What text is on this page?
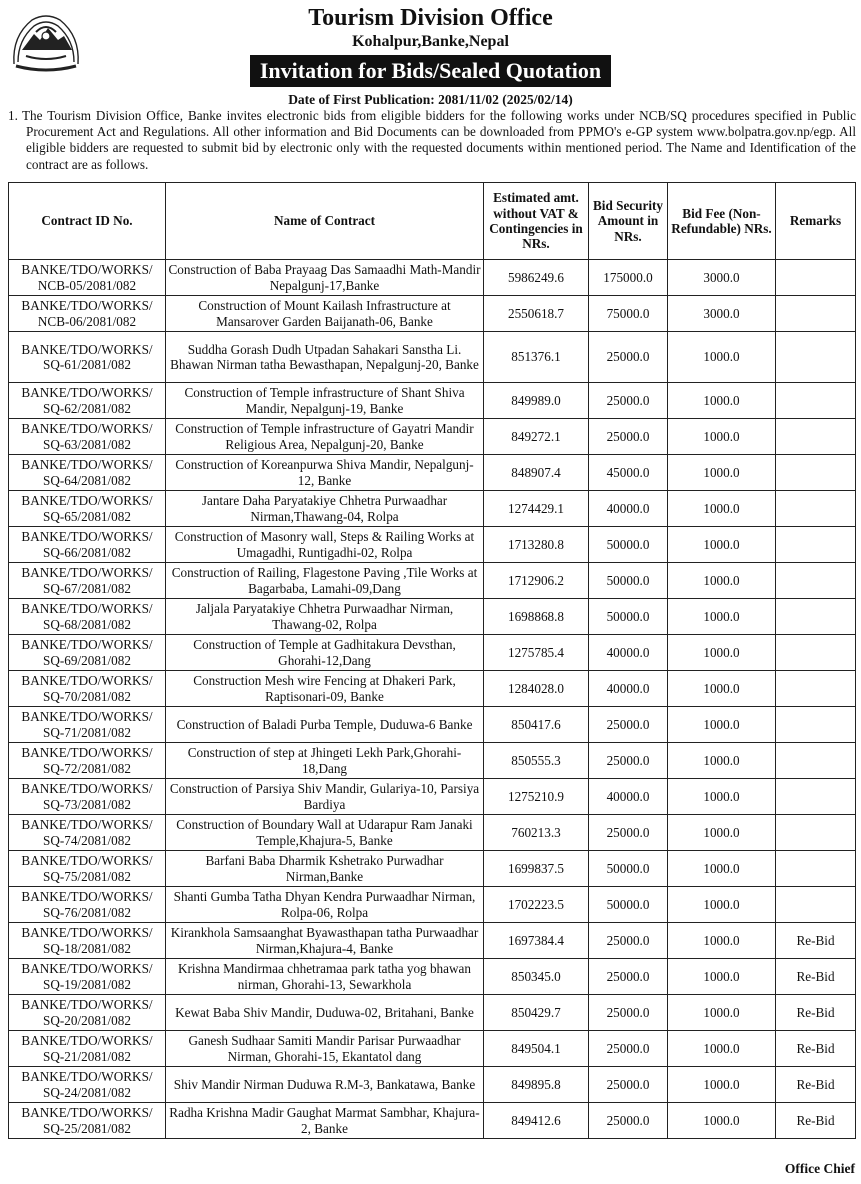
Tourism Division Office
Kohalpur,Banke,Nepal
Invitation for Bids/Sealed Quotation
Date of First Publication: 2081/11/02 (2025/02/14)
1. The Tourism Division Office, Banke invites electronic bids from eligible bidders for the following works under NCB/SQ procedures specified in Public Procurement Act and Regulations. All other information and Bid Documents can be downloaded from PPMO's e-GP system www.bolpatra.gov.np/egp. All eligible bidders are requested to submit bid by electronic only with the requested documents within mentioned period. The Name and Identification of the contract are as follows.
Contract ID No.	Name of Contract	Estimated amt. without VAT & Contingencies in NRs.	Bid Security Amount in NRs.	Bid Fee (Non-Refundable) NRs.	Remarks
BANKE/TDO/WORKS/ NCB-05/2081/082	Construction of Baba Prayaag Das Samaadhi Math-Mandir Nepalgunj-17,Banke	5986249.6	175000.0	3000.0	
BANKE/TDO/WORKS/ NCB-06/2081/082	Construction of Mount Kailash Infrastructure at Mansarover Garden Baijanath-06, Banke	2550618.7	75000.0	3000.0	
BANKE/TDO/WORKS/ SQ-61/2081/082	Suddha Gorash Dudh Utpadan Sahakari Sanstha Li. Bhawan Nirman tatha Bewasthapan, Nepalgunj-20, Banke	851376.1	25000.0	1000.0	
BANKE/TDO/WORKS/ SQ-62/2081/082	Construction of Temple infrastructure of Shant Shiva Mandir, Nepalgunj-19, Banke	849989.0	25000.0	1000.0	
BANKE/TDO/WORKS/ SQ-63/2081/082	Construction of Temple infrastructure of Gayatri Mandir Religious Area, Nepalgunj-20, Banke	849272.1	25000.0	1000.0	
BANKE/TDO/WORKS/ SQ-64/2081/082	Construction of Koreanpurwa Shiva Mandir, Nepalgunj-12, Banke	848907.4	45000.0	1000.0	
BANKE/TDO/WORKS/ SQ-65/2081/082	Jantare Daha Paryatakiye Chhetra Purwaadhar Nirman,Thawang-04, Rolpa	1274429.1	40000.0	1000.0	
BANKE/TDO/WORKS/ SQ-66/2081/082	Construction of Masonry wall, Steps & Railing Works at Umagadhi, Runtigadhi-02, Rolpa	1713280.8	50000.0	1000.0	
BANKE/TDO/WORKS/ SQ-67/2081/082	Construction of Railing, Flagestone Paving ,Tile Works at Bagarbaba, Lamahi-09,Dang	1712906.2	50000.0	1000.0	
BANKE/TDO/WORKS/ SQ-68/2081/082	Jaljala Paryatakiye Chhetra Purwaadhar Nirman, Thawang-02, Rolpa	1698868.8	50000.0	1000.0	
BANKE/TDO/WORKS/ SQ-69/2081/082	Construction of Temple at Gadhitakura Devsthan, Ghorahi-12,Dang	1275785.4	40000.0	1000.0	
BANKE/TDO/WORKS/ SQ-70/2081/082	Construction Mesh wire Fencing at Dhakeri Park, Raptisonari-09, Banke	1284028.0	40000.0	1000.0	
BANKE/TDO/WORKS/ SQ-71/2081/082	Construction of Baladi Purba Temple, Duduwa-6 Banke	850417.6	25000.0	1000.0	
BANKE/TDO/WORKS/ SQ-72/2081/082	Construction of step at Jhingeti Lekh Park,Ghorahi-18,Dang	850555.3	25000.0	1000.0	
BANKE/TDO/WORKS/ SQ-73/2081/082	Construction of Parsiya Shiv Mandir, Gulariya-10, Parsiya Bardiya	1275210.9	40000.0	1000.0	
BANKE/TDO/WORKS/ SQ-74/2081/082	Construction of Boundary Wall at Udarapur Ram Janaki Temple,Khajura-5, Banke	760213.3	25000.0	1000.0	
BANKE/TDO/WORKS/ SQ-75/2081/082	Barfani Baba Dharmik Kshetrako Purwadhar Nirman,Banke	1699837.5	50000.0	1000.0	
BANKE/TDO/WORKS/ SQ-76/2081/082	Shanti Gumba Tatha Dhyan Kendra Purwaadhar Nirman, Rolpa-06, Rolpa	1702223.5	50000.0	1000.0	
BANKE/TDO/WORKS/ SQ-18/2081/082	Kirankhola Samsaanghat Byawasthapan tatha Purwaadhar Nirman,Khajura-4, Banke	1697384.4	25000.0	1000.0	Re-Bid
BANKE/TDO/WORKS/ SQ-19/2081/082	Krishna Mandirmaa chhetramaa park tatha yog bhawan nirman, Ghorahi-13, Sewarkhola	850345.0	25000.0	1000.0	Re-Bid
BANKE/TDO/WORKS/ SQ-20/2081/082	Kewat Baba Shiv Mandir, Duduwa-02, Britahani, Banke	850429.7	25000.0	1000.0	Re-Bid
BANKE/TDO/WORKS/ SQ-21/2081/082	Ganesh Sudhaar Samiti Mandir Parisar Purwaadhar Nirman, Ghorahi-15, Ekantatol dang	849504.1	25000.0	1000.0	Re-Bid
BANKE/TDO/WORKS/ SQ-24/2081/082	Shiv Mandir Nirman Duduwa R.M-3, Bankatawa, Banke	849895.8	25000.0	1000.0	Re-Bid
BANKE/TDO/WORKS/ SQ-25/2081/082	Radha Krishna Madir Gaughat Marmat Sambhar, Khajura-2, Banke	849412.6	25000.0	1000.0	Re-Bid
Office Chief
